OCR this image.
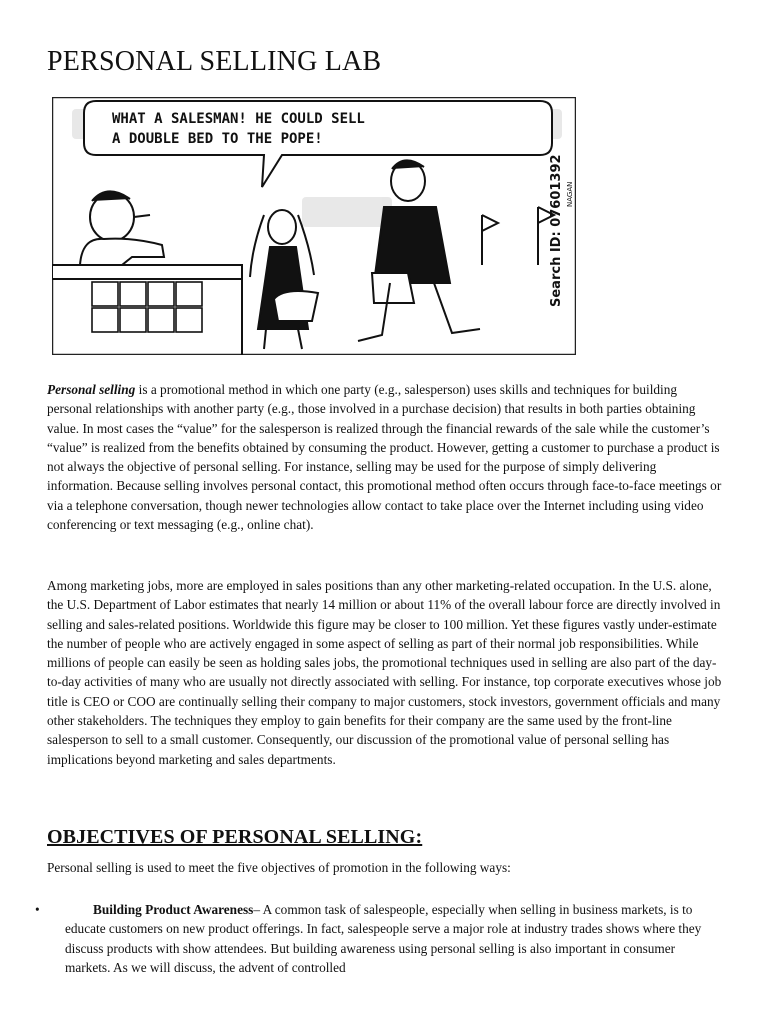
PERSONAL SELLING LAB
WHAT A SALESMAN! HE COULD SELL
A DOUBLE BED TO THE POPE!
Search ID: 07601392 NAGAN

Personal selling is a promotional method in which one party (e.g., salesperson) uses skills and techniques for building personal relationships with another party (e.g., those involved in a purchase decision) that results in both parties obtaining value. In most cases the “value” for the salesperson is realized through the financial rewards of the sale while the customer’s “value” is realized from the benefits obtained by consuming the product. However, getting a customer to purchase a product is not always the objective of personal selling. For instance, selling may be used for the purpose of simply delivering information. Because selling involves personal contact, this promotional method often occurs through face-to-face meetings or via a telephone conversation, though newer technologies allow contact to take place over the Internet including using video conferencing or text messaging (e.g., online chat).

Among marketing jobs, more are employed in sales positions than any other marketing-related occupation. In the U.S. alone, the U.S. Department of Labor estimates that nearly 14 million or about 11% of the overall labour force are directly involved in selling and sales-related positions. Worldwide this figure may be closer to 100 million. Yet these figures vastly under-estimate the number of people who are actively engaged in some aspect of selling as part of their normal job responsibilities. While millions of people can easily be seen as holding sales jobs, the promotional techniques used in selling are also part of the day-to-day activities of many who are usually not directly associated with selling. For instance, top corporate executives whose job title is CEO or COO are continually selling their company to major customers, stock investors, government officials and many other stakeholders. The techniques they employ to gain benefits for their company are the same used by the front-line salesperson to sell to a small customer. Consequently, our discussion of the promotional value of personal selling has implications beyond marketing and sales departments.

OBJECTIVES OF PERSONAL SELLING:

Personal selling is used to meet the five objectives of promotion in the following ways:

•	Building Product Awareness– A common task of salespeople, especially when selling in business markets, is to educate customers on new product offerings. In fact, salespeople serve a major role at industry trades shows where they discuss products with show attendees. But building awareness using personal selling is also important in consumer markets. As we will discuss, the advent of controlled
